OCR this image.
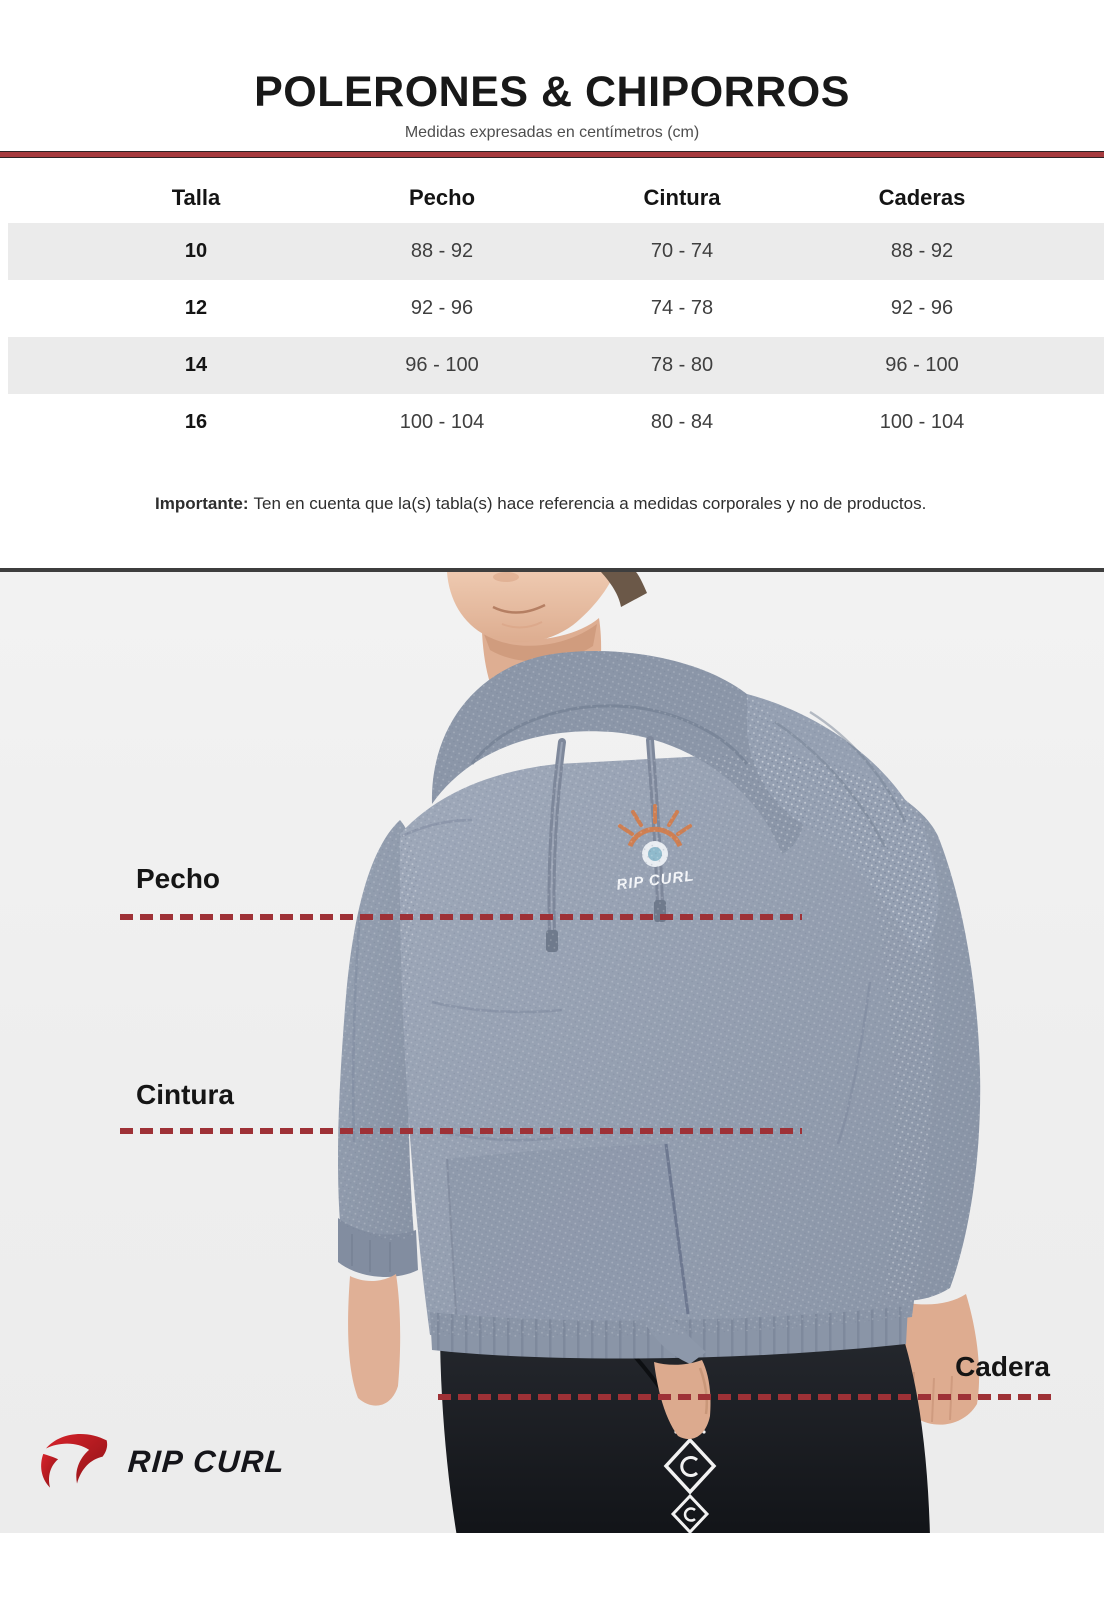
POLERONES & CHIPORROS
Medidas expresadas en centímetros (cm)
Talla	Pecho	Cintura	Caderas
10	88 - 92	70 - 74	88 - 92
12	92 - 96	74 - 78	92 - 96
14	96 - 100	78 - 80	96 - 100
16	100 - 104	80 - 84	100 - 104

Importante: Ten en cuenta que la(s) tabla(s) hace referencia a medidas corporales y no de productos.

Pecho
Cintura
Cadera
RIP CURL
